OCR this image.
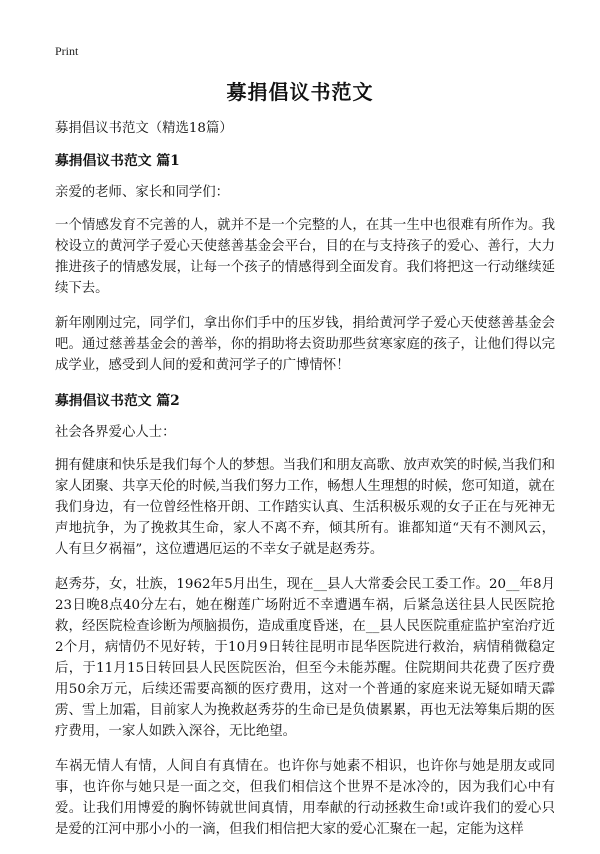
Print
募捐倡议书范文

募捐倡议书范文（精选18篇）

募捐倡议书范文 篇1

亲爱的老师、家长和同学们：

一个情感发育不完善的人，就并不是一个完整的人，在其一生中也很难有所作为。我校设立的黄河学子爱心天使慈善基金会平台，目的在与支持孩子的爱心、善行，大力推进孩子的情感发展，让每一个孩子的情感得到全面发育。我们将把这一行动继续延续下去。

新年刚刚过完，同学们，拿出你们手中的压岁钱，捐给黄河学子爱心天使慈善基金会吧。通过慈善基金会的善举，你的捐助将去资助那些贫寒家庭的孩子，让他们得以完成学业，感受到人间的爱和黄河学子的广博情怀！

募捐倡议书范文 篇2

社会各界爱心人士：

拥有健康和快乐是我们每个人的梦想。当我们和朋友高歌、放声欢笑的时候,当我们和家人团聚、共享天伦的时候,当我们努力工作，畅想人生理想的时候，您可知道，就在我们身边，有一位曾经性格开朗、工作踏实认真、生活积极乐观的女子正在与死神无声地抗争，为了挽救其生命，家人不离不弃，倾其所有。谁都知道“天有不测风云，人有旦夕祸福”，这位遭遇厄运的不幸女子就是赵秀芬。

赵秀芬，女，壮族，1962年5月出生，现在__县人大常委会民工委工作。20__年8月23日晚8点40分左右，她在榭莲广场附近不幸遭遇车祸，后紧急送往县人民医院抢救，经医院检查诊断为颅脑损伤，造成重度昏迷，在__县人民医院重症监护室治疗近2个月，病情仍不见好转，于10月9日转往昆明市昆华医院进行救治，病情稍微稳定后，于11月15日转回县人民医院医治，但至今未能苏醒。住院期间共花费了医疗费用50余万元，后续还需要高额的医疗费用，这对一个普通的家庭来说无疑如晴天霹雳、雪上加霜，目前家人为挽救赵秀芬的生命已是负债累累，再也无法筹集后期的医疗费用，一家人如跌入深谷，无比绝望。

车祸无情人有情，人间自有真情在。也许你与她素不相识，也许你与她是朋友或同事，也许你与她只是一面之交，但我们相信这个世界不是冰冷的，因为我们心中有爱。让我们用博爱的胸怀铸就世间真情，用奉献的行动拯救生命!或许我们的爱心只是爱的江河中那小小的一滴，但我们相信把大家的爱心汇聚在一起，定能为这样
